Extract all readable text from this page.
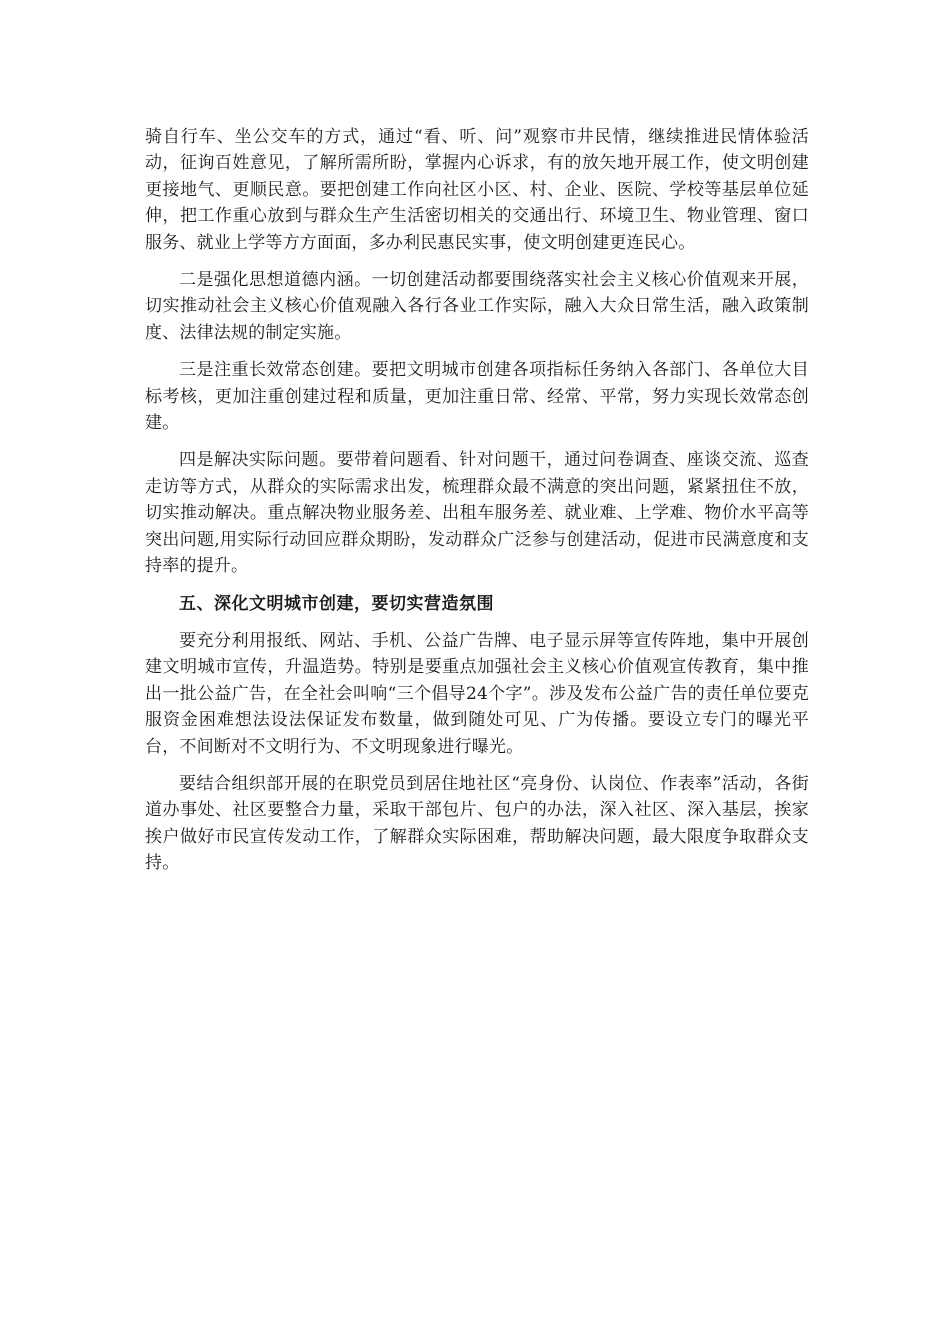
骑自行车、坐公交车的方式，通过“看、听、问”观察市井民情，继续推进民情体验活动，征询百姓意见，了解所需所盼，掌握内心诉求，有的放矢地开展工作，使文明创建更接地气、更顺民意。要把创建工作向社区小区、村、企业、医院、学校等基层单位延伸，把工作重心放到与群众生产生活密切相关的交通出行、环境卫生、物业管理、窗口服务、就业上学等方方面面，多办利民惠民实事，使文明创建更连民心。

二是强化思想道德内涵。一切创建活动都要围绕落实社会主义核心价值观来开展，切实推动社会主义核心价值观融入各行各业工作实际，融入大众日常生活，融入政策制度、法律法规的制定实施。

三是注重长效常态创建。要把文明城市创建各项指标任务纳入各部门、各单位大目标考核，更加注重创建过程和质量，更加注重日常、经常、平常，努力实现长效常态创建。

四是解决实际问题。要带着问题看、针对问题干，通过问卷调查、座谈交流、巡查走访等方式，从群众的实际需求出发，梳理群众最不满意的突出问题，紧紧扭住不放，切实推动解决。重点解决物业服务差、出租车服务差、就业难、上学难、物价水平高等突出问题,用实际行动回应群众期盼，发动群众广泛参与创建活动，促进市民满意度和支持率的提升。

五、深化文明城市创建，要切实营造氛围

要充分利用报纸、网站、手机、公益广告牌、电子显示屏等宣传阵地，集中开展创建文明城市宣传，升温造势。特别是要重点加强社会主义核心价值观宣传教育，集中推出一批公益广告，在全社会叫响“三个倡导24个字”。涉及发布公益广告的责任单位要克服资金困难想法设法保证发布数量，做到随处可见、广为传播。要设立专门的曝光平台，不间断对不文明行为、不文明现象进行曝光。

要结合组织部开展的在职党员到居住地社区“亮身份、认岗位、作表率”活动，各街道办事处、社区要整合力量，采取干部包片、包户的办法，深入社区、深入基层，挨家挨户做好市民宣传发动工作，了解群众实际困难，帮助解决问题，最大限度争取群众支持。
